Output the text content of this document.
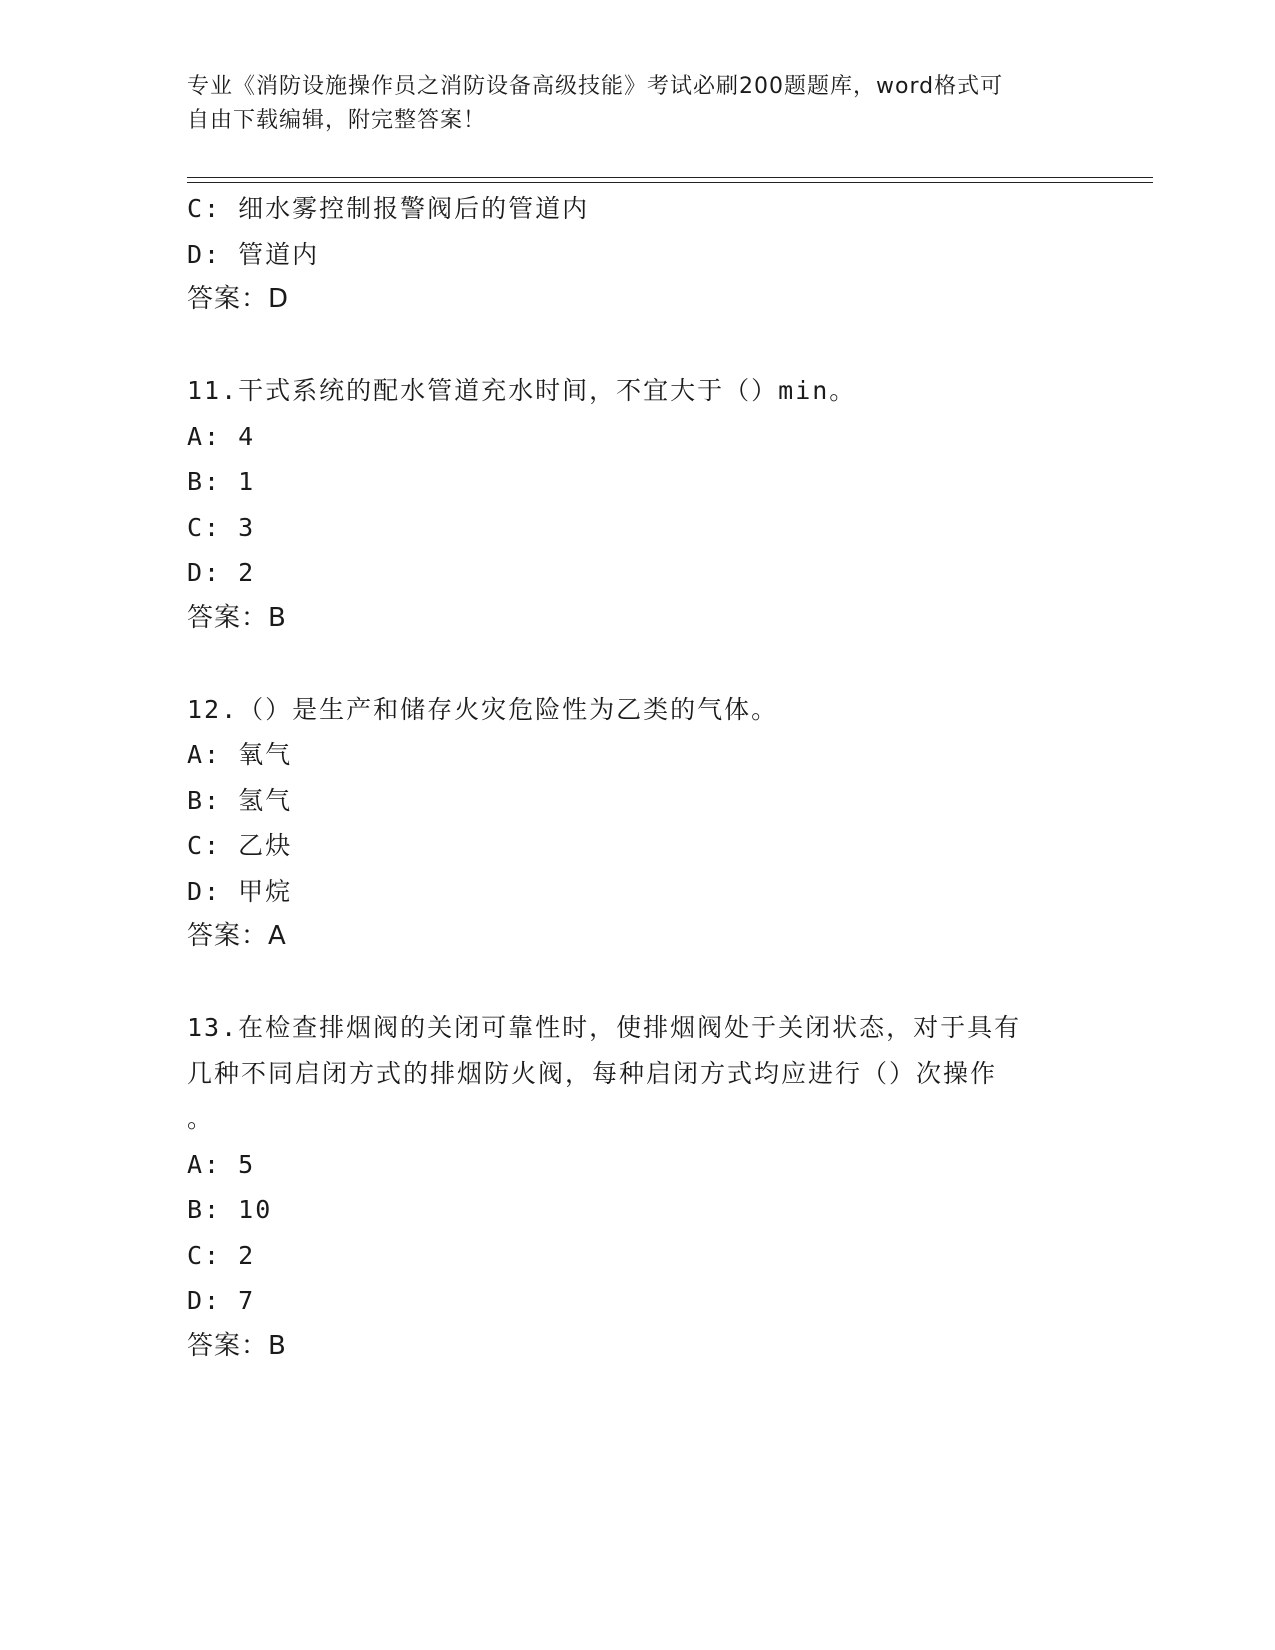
专业《消防设施操作员之消防设备高级技能》考试必刷200题题库，word格式可
自由下载编辑，附完整答案！
C: 细水雾控制报警阀后的管道内
D: 管道内
答案：D
11.干式系统的配水管道充水时间，不宜大于（）min。
A: 4
B: 1
C: 3
D: 2
答案：B
12.（）是生产和储存火灾危险性为乙类的气体。
A: 氧气
B: 氢气
C: 乙炔
D: 甲烷
答案：A
13.在检查排烟阀的关闭可靠性时，使排烟阀处于关闭状态，对于具有
几种不同启闭方式的排烟防火阀，每种启闭方式均应进行（）次操作
。
A: 5
B: 10
C: 2
D: 7
答案：B
